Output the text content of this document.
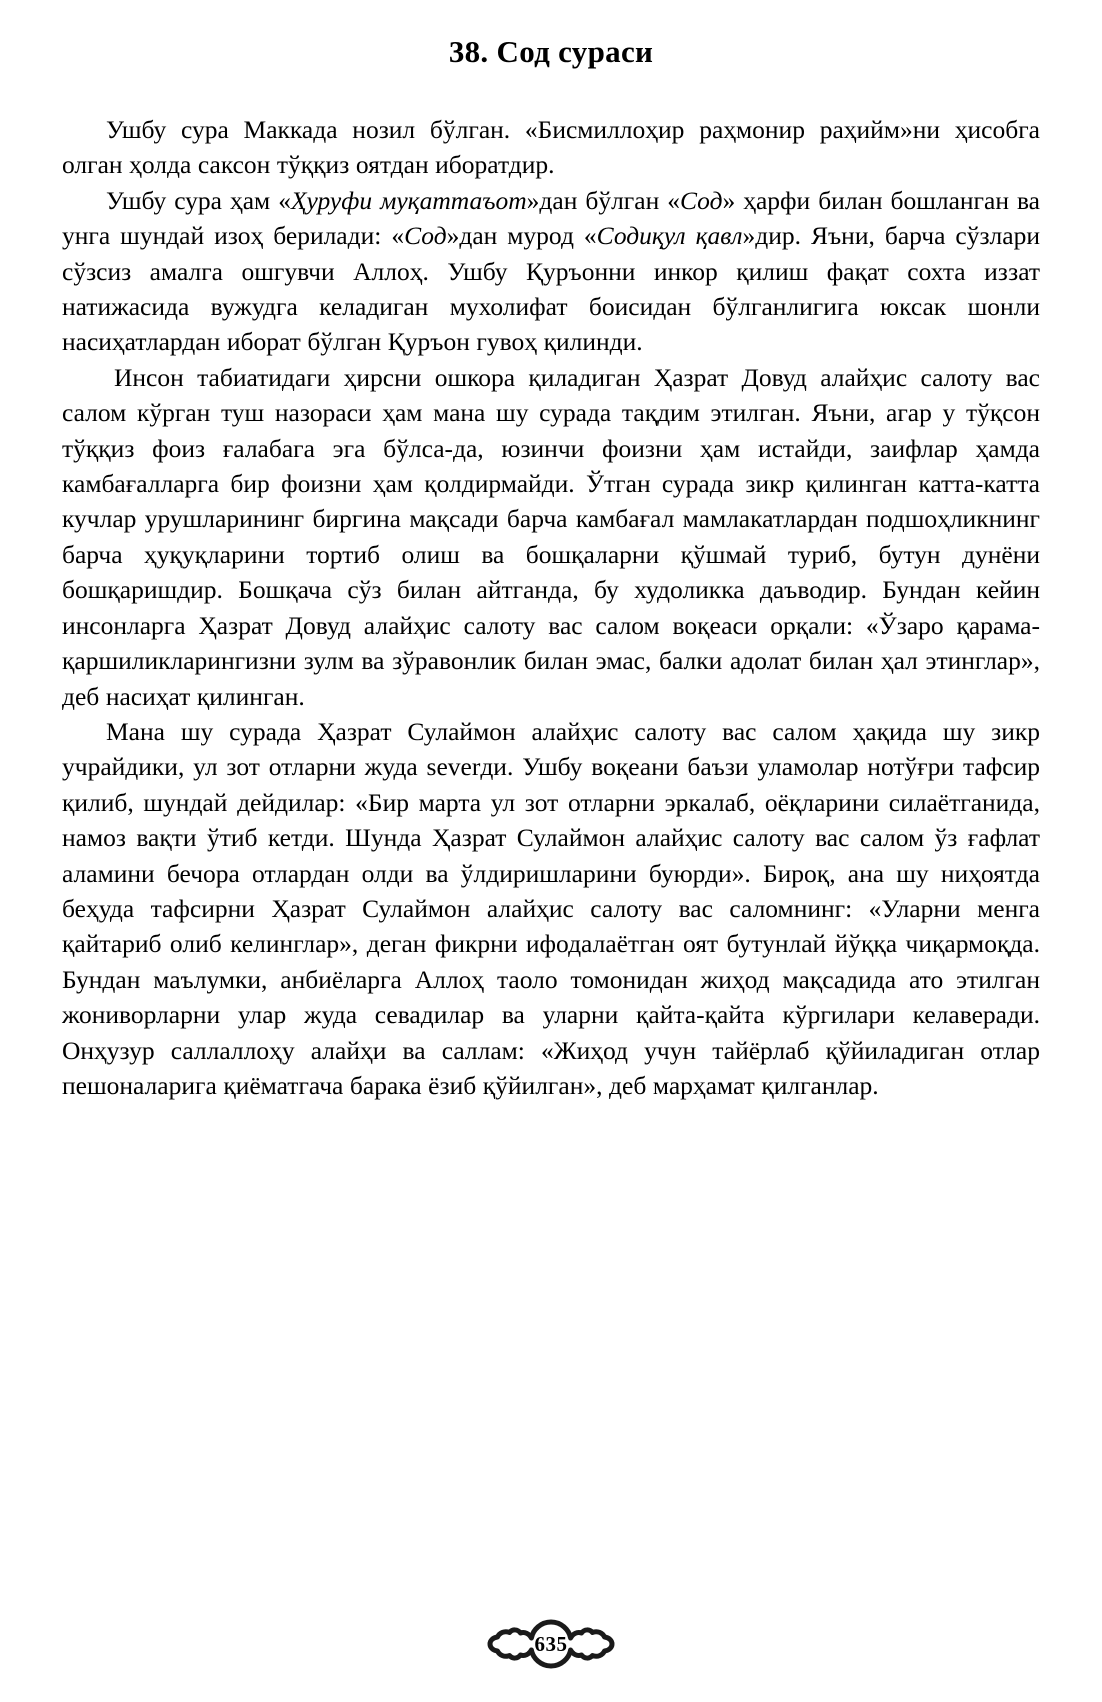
38. Сод сураси

Ушбу сура Маккада нозил бўлган. «Бисмиллоҳир раҳмонир раҳийм»ни ҳисобга олган ҳолда саксон тўққиз оятдан иборатдир.

Ушбу сура ҳам «Ҳуруфи муқаттаъот»дан бўлган «Сод» ҳарфи билан бошланган ва унга шундай изоҳ берилади: «Сод»дан мурод «Содиқул қавл»дир. Яъни, барча сўзлари сўзсиз амалга ошгувчи Аллоҳ. Ушбу Қуръонни инкор қилиш фақат сохта иззат натижасида вужудга келадиган мухолифат боисидан бўлганлигига юксак шонли насиҳатлардан иборат бўлган Қуръон гувоҳ қилинди.

Инсон табиатидаги ҳирсни ошкора қиладиган Ҳазрат Довуд алайҳис салоту вас салом кўрган туш назораси ҳам мана шу сурада тақдим этилган. Яъни, агар у тўқсон тўққиз фоиз ғалабага эга бўлса-да, юзинчи фоизни ҳам истайди, заифлар ҳамда камбағалларга бир фоизни ҳам қолдирмайди. Ўтган сурада зикр қилинган катта-катта кучлар урушларининг биргина мақсади барча камбағал мамлакатлардан подшоҳликнинг барча ҳуқуқларини тортиб олиш ва бошқаларни қўшмай туриб, бутун дунёни бошқаришдир. Бошқача сўз билан айтганда, бу худоликка даъводир. Бундан кейин инсонларга Ҳазрат Довуд алайҳис салоту вас салом воқеаси орқали: «Ўзаро қарама-қаршиликларингизни зулм ва зўравонлик билан эмас, балки адолат билан ҳал этинглар», деб насиҳат қилинган.

Мана шу сурада Ҳазрат Сулаймон алайҳис салоту вас салом ҳақида шу зикр учрайдики, ул зот отларни жуда severди. Ушбу воқеани баъзи уламолар нотўғри тафсир қилиб, шундай дейдилар: «Бир марта ул зот отларни эркалаб, оёқларини силаётганида, намоз вақти ўтиб кетди. Шунда Ҳазрат Сулаймон алайҳис салоту вас салом ўз ғафлат аламини бечора отлардан олди ва ўлдиришларини буюрди». Бироқ, ана шу ниҳоятда беҳуда тафсирни Ҳазрат Сулаймон алайҳис салоту вас саломнинг: «Уларни менга қайтариб олиб келинглар», деган фикрни ифодалаётган оят бутунлай йўққа чиқармоқда. Бундан маълумки, анбиёларга Аллоҳ таоло томонидан жиҳод мақсадида ато этилган жониворларни улар жуда севадилар ва уларни қайта-қайта кўргилари келаверади. Онҳузур саллаллоҳу алайҳи ва саллам: «Жиҳод учун тайёрлаб қўйиладиган отлар пешоналарига қиёматгача барака ёзиб қўйилган», деб марҳамат қилганлар.

635
